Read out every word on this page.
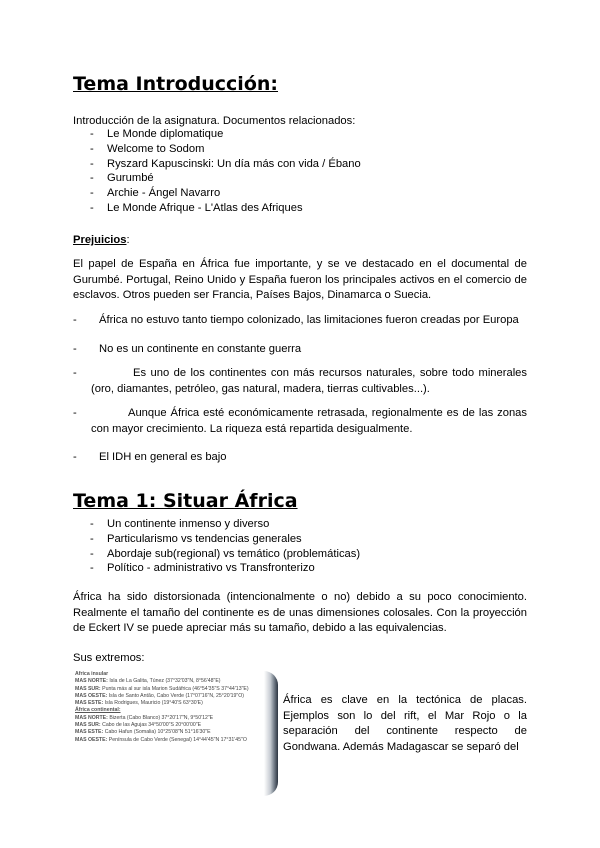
Tema Introducción:
Introducción de la asignatura. Documentos relacionados:
- Le Monde diplomatique
- Welcome to Sodom
- Ryszard Kapuscinski: Un día más con vida / Ébano
- Gurumbé
- Archie - Ángel Navarro
- Le Monde Afrique - L'Atlas des Afriques
Prejuicios:
El papel de España en África fue importante, y se ve destacado en el documental de Gurumbé. Portugal, Reino Unido y España fueron los principales activos en el comercio de esclavos. Otros pueden ser Francia, Países Bajos, Dinamarca o Suecia.
-	África no estuvo tanto tiempo colonizado, las limitaciones fueron creadas por Europa
-	No es un continente en constante guerra
-	Es uno de los continentes con más recursos naturales, sobre todo minerales (oro, diamantes, petróleo, gas natural, madera, tierras cultivables...).
-	Aunque África esté económicamente retrasada, regionalmente es de las zonas con mayor crecimiento. La riqueza está repartida desigualmente.
-	El IDH en general es bajo
Tema 1: Situar África
- Un continente inmenso y diverso
- Particularismo vs tendencias generales
- Abordaje sub(regional) vs temático (problemáticas)
- Político - administrativo vs Transfronterizo
África ha sido distorsionada (intencionalmente o no) debido a su poco conocimiento. Realmente el tamaño del continente es de unas dimensiones colosales. Con la proyección de Eckert IV se puede apreciar más su tamaño, debido a las equivalencias.
Sus extremos:
África insular
MAS NORTE: Isla de La Galita, Túnez (37°32'03"N, 8°56'48"E)
MAS SUR: Punta más al sur isla Marion Sudáfrica (46°54'35"S 37°44'13"E)
MAS OESTE: Isla de Santo Antão, Cabo Verde (17°07'16"N, 25°20'19"O)
MAS ESTE: Isla Rodrigues, Mauricio (19°40'S 63°30'E)
África continental:
MAS NORTE: Bizerta (Cabo Blanco) 37°20'17"N, 9°50'12"E
MAS SUR: Cabo de las Agujas 34°50'00"S 20°00'00"E
MAS ESTE: Cabo Hafun (Somalia) 10°25'08"N 51°16'30"E
MAS OESTE: Península de Cabo Verde (Senegal) 14°44'45"N 17°31'45"O
África es clave en la tectónica de placas. Ejemplos son lo del rift, el Mar Rojo o la separación del continente respecto de Gondwana. Además Madagascar se separó del
